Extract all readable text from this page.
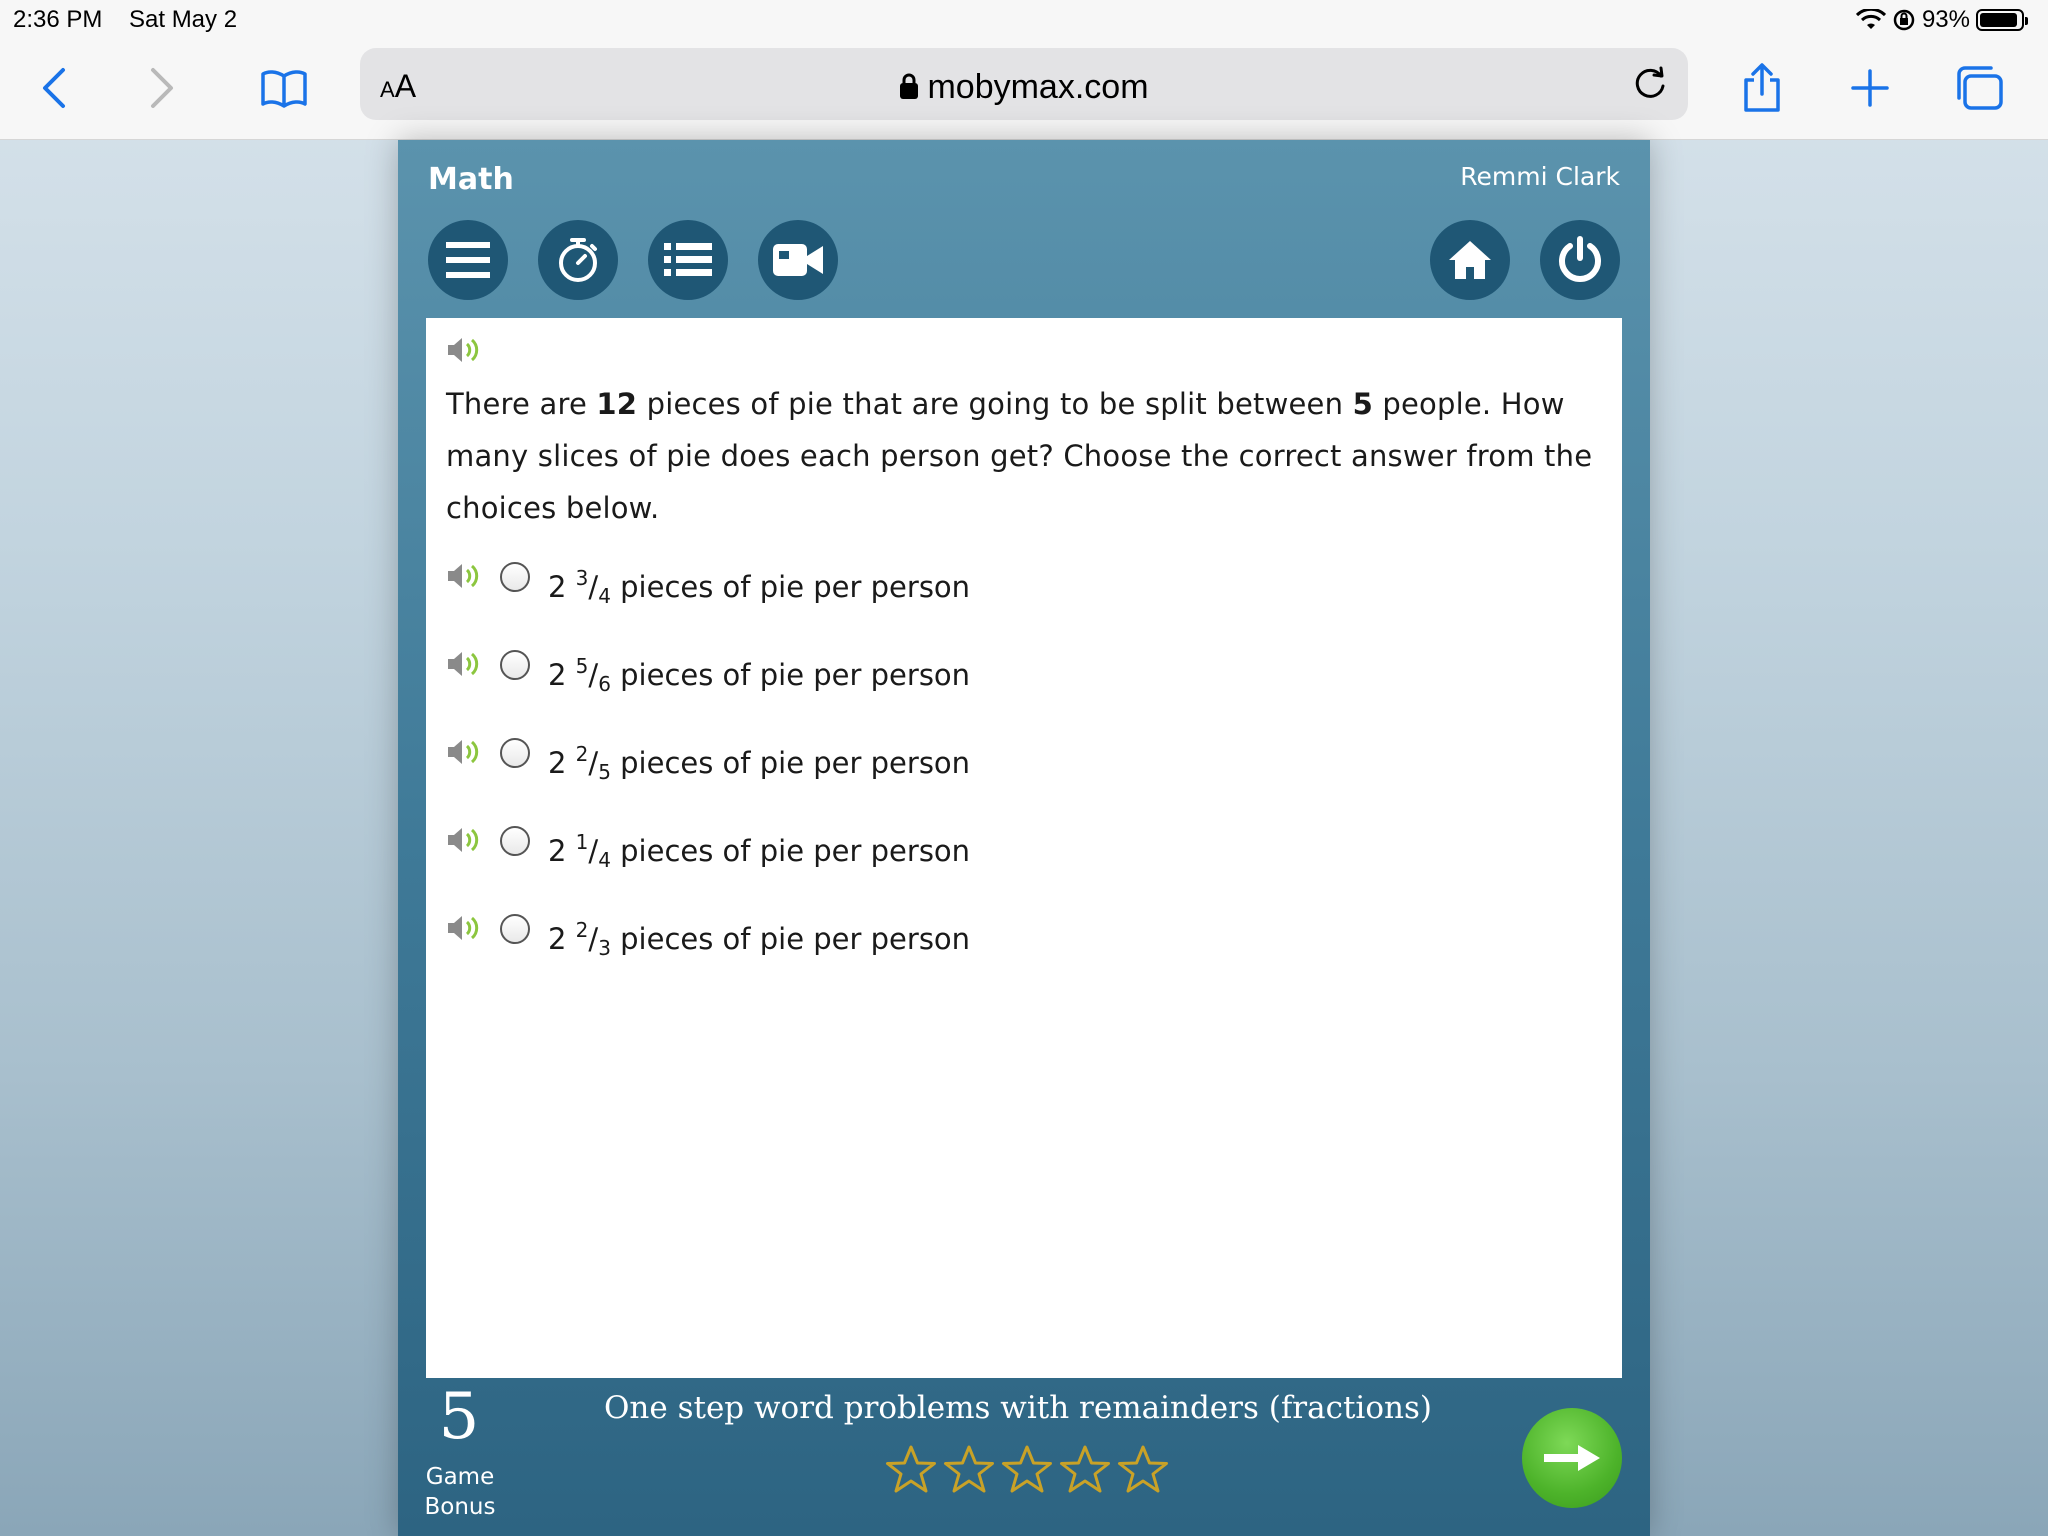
2:36 PM Sat May 2	93%
AA	mobymax.com
Math	Remmi Clark
There are 12 pieces of pie that are going to be split between 5 people. How many slices of pie does each person get? Choose the correct answer from the choices below.
2 $^3/_4$ pieces of pie per person
2 $^5/_6$ pieces of pie per person
2 $^2/_5$ pieces of pie per person
2 $^1/_4$ pieces of pie per person
2 $^2/_3$ pieces of pie per person
5
Game
Bonus
One step word problems with remainders (fractions)
